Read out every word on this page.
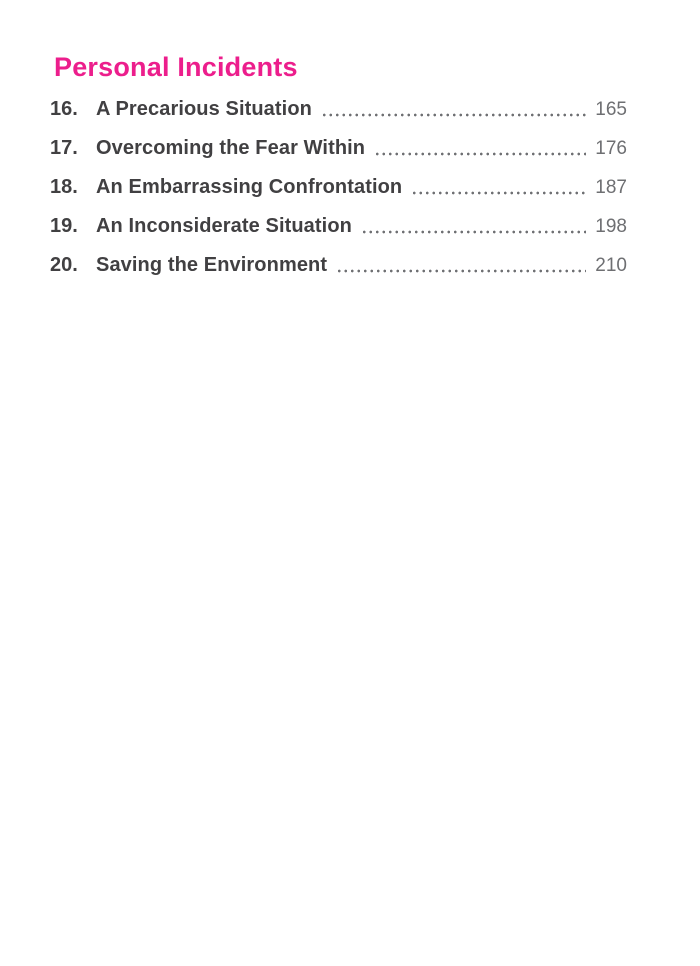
Personal Incidents
16. A Precarious Situation	165
17. Overcoming the Fear Within	176
18. An Embarrassing Confrontation	187
19. An Inconsiderate Situation	198
20. Saving the Environment	210
